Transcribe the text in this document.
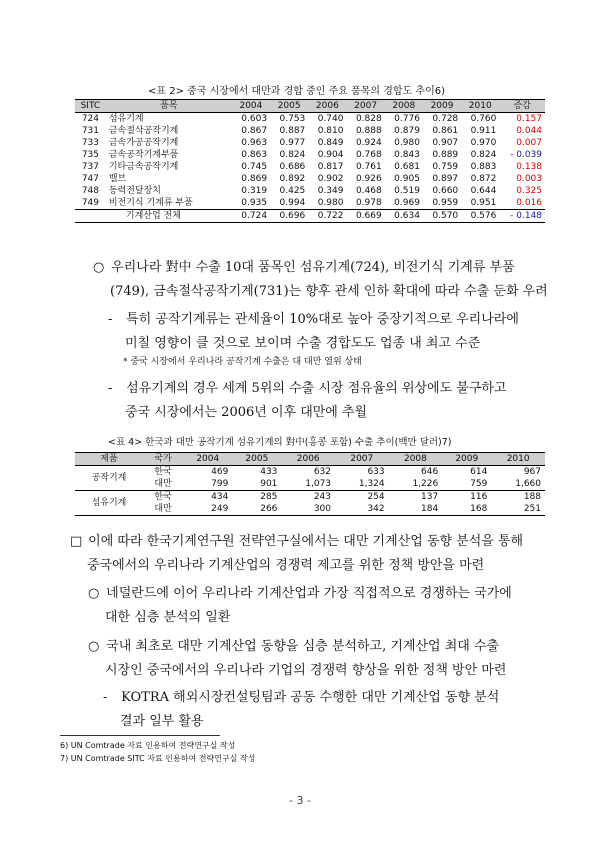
<표 2> 중국 시장에서 대만과 경합 중인 주요 품목의 경합도 추이6)
SITC	품목	2004	2005	2006	2007	2008	2009	2010	증감
724	섬유기계	0.603	0.753	0.740	0.828	0.776	0.728	0.760	0.157
731	금속절삭공작기계	0.867	0.887	0.810	0.888	0.879	0.861	0.911	0.044
733	금속가공공작기계	0.963	0.977	0.849	0.924	0.980	0.907	0.970	0.007
735	금속공작기계부품	0.863	0.824	0.904	0.768	0.843	0.889	0.824	- 0.039
737	기타금속공작기계	0.745	0.686	0.817	0.761	0.681	0.759	0.883	0.138
747	밸브	0.869	0.892	0.902	0.926	0.905	0.897	0.872	0.003
748	동력전달장치	0.319	0.425	0.349	0.468	0.519	0.660	0.644	0.325
749	비전기식 기계류 부품	0.935	0.994	0.980	0.978	0.969	0.959	0.951	0.016
기계산업 전체		0.724	0.696	0.722	0.669	0.634	0.570	0.576	- 0.148
○ 우리나라 對中 수출 10대 품목인 섬유기계(724), 비전기식 기계류 부품
(749), 금속절삭공작기계(731)는 향후 관세 인하 확대에 따라 수출 둔화 우려
- 특히 공작기계류는 관세율이 10%대로 높아 중장기적으로 우리나라에
미칠 영향이 클 것으로 보이며 수출 경합도도 업종 내 최고 수준
* 중국 시장에서 우리나라 공작기계 수출은 대 대만 열위 상태
- 섬유기계의 경우 세계 5위의 수출 시장 점유율의 위상에도 불구하고
중국 시장에서는 2006년 이후 대만에 추월
<표 4> 한국과 대만 공작기계 섬유기계의 對中(홍콩 포함) 수출 추이(백만 달러)7)
제품	국가	2004	2005	2006	2007	2008	2009	2010
공작기계	한국	469	433	632	633	646	614	967
	대만	799	901	1,073	1,324	1,226	759	1,660
섬유기계	한국	434	285	243	254	137	116	188
	대만	249	266	300	342	184	168	251
□ 이에 따라 한국기계연구원 전략연구실에서는 대만 기계산업 동향 분석을 통해
중국에서의 우리나라 기계산업의 경쟁력 제고를 위한 정책 방안을 마련
○ 네덜란드에 이어 우리나라 기계산업과 가장 직접적으로 경쟁하는 국가에
대한 심층 분석의 일환
○ 국내 최초로 대만 기계산업 동향을 심층 분석하고, 기계산업 최대 수출
시장인 중국에서의 우리나라 기업의 경쟁력 향상을 위한 정책 방안 마련
- KOTRA 해외시장컨설팅팀과 공동 수행한 대만 기계산업 동향 분석
결과 일부 활용
6) UN Comtrade 자료 인용하여 전략연구실 작성
7) UN Comtrade SITC 자료 인용하여 전략연구실 작성
- 3 -
